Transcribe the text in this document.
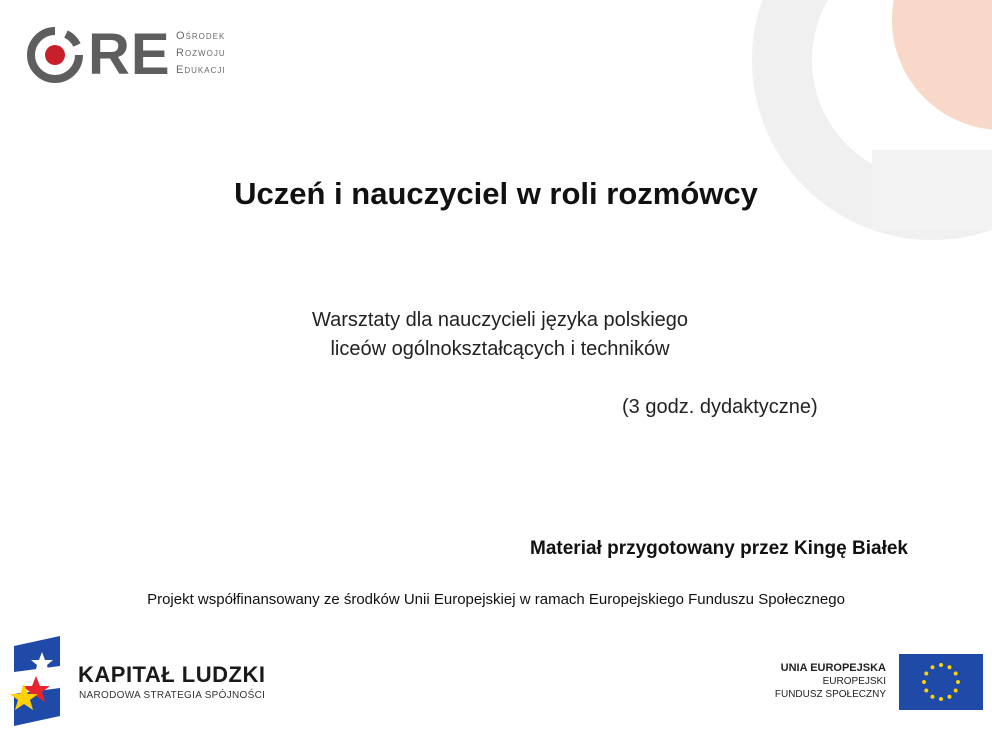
RE Ośrodek
Rozwoju
Edukacji
Uczeń i nauczyciel w roli rozmówcy
Warsztaty dla nauczycieli języka polskiego
liceów ogólnokształcących i techników
(3 godz. dydaktyczne)
Materiał przygotowany przez Kingę Białek
Projekt współfinansowany ze środków Unii Europejskiej w ramach Europejskiego Funduszu Społecznego
KAPITAŁ LUDZKI
NARODOWA STRATEGIA SPÓJNOŚCI
UNIA EUROPEJSKA
EUROPEJSKI
FUNDUSZ SPOŁECZNY
